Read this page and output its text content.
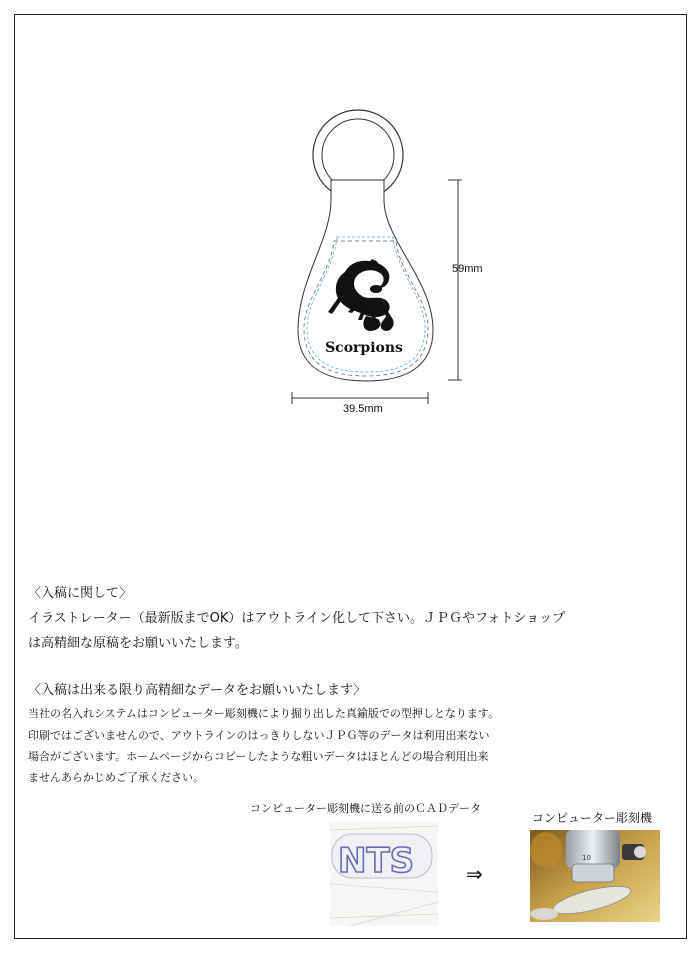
Scorpions
59mm
39.5mm
〈入稿に関して〉
イラストレーター（最新版までOK）はアウトライン化して下さい。ＪＰＧやフォトショップ
は高精細な原稿をお願いいたします。
〈入稿は出来る限り高精細なデータをお願いいたします〉
当社の名入れシステムはコンピューター彫刻機により掘り出した真鍮版での型押しとなります。
印刷ではございませんので、アウトラインのはっきりしないＪＰＧ等のデータは利用出来ない
場合がございます。ホームページからコピーしたような粗いデータはほとんどの場合利用出来
ませんあらかじめご了承ください。
コンピューター彫刻機に送る前のＣＡＤデータ
コンピューター彫刻機
NTS	⇒
10
